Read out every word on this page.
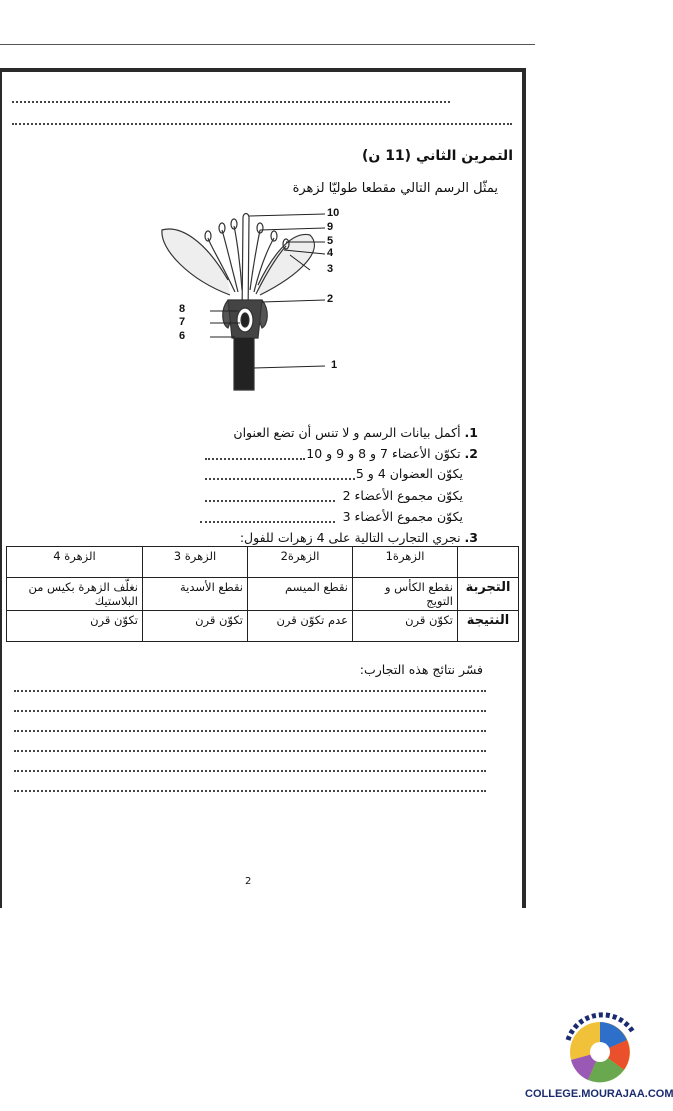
التمرين الثاني (11 ن)
يمثّل الرسم التالي مقطعا طوليّا لزهرة
10
9
5
4
3
2
8
7
6
1
1. أكمل بيانات الرسم و لا تنس أن تضع العنوان
2. تكوّن الأعضاء 7 و 8 و 9 و 10
يكوّن العضوان 4 و 5
يكوّن مجموع الأعضاء 2
يكوّن مجموع الأعضاء 3
3. نجري التجارب التالية على 4 زهرات للفول:
	الزهرة1	الزهرة2	الزهرة 3	الزهرة 4
التجربة	نقطع الكأس و التويج	نقطع الميسم	نقطع الأسدية	نغلّف الزهرة بكيس من البلاستيك
النتيجة	تكوّن قرن	عدم تكوّن قرن	تكوّن قرن	تكوّن قرن
فسّر نتائج هذه التجارب:
2
COLLEGE.MOURAJAA.COM
